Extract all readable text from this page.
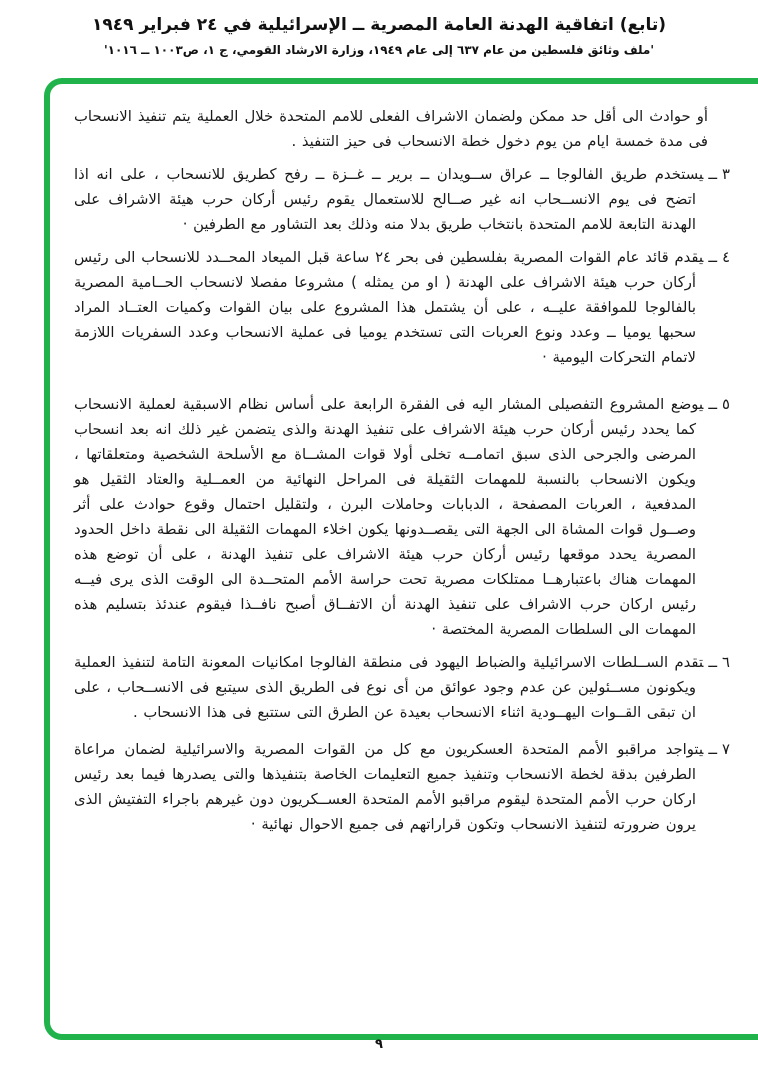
(تابع) اتفاقية الهدنة العامة المصرية ــ الإسرائيلية في ٢٤ فبراير ١٩٤٩
'ملف وثائق فلسطين من عام ٦٣٧ إلى عام ١٩٤٩، وزارة الارشاد القومي، ج ١، ص١٠٠٣ ــ ١٠١٦'
أو حوادث الى أقل حد ممكن ولضمان الاشراف الفعلى للامم المتحدة خلال العملية يتم تنفيذ الانسحاب فى مدة خمسة ايام من يوم دخول خطة الانسحاب فى حيز التنفيذ .
٣ــيستخدم طريق الفالوجا ــ عراق ســويدان ــ برير ــ غــزة ــ رفح كطريق للانسحاب ، على انه اذا اتضح فى يوم الانســحاب انه غير صــالح للاستعمال يقوم رئيس أركان حرب هيئة الاشراف على الهدنة التابعة للامم المتحدة بانتخاب طريق بدلا منه وذلك بعد التشاور مع الطرفين ·
٤ــيقدم قائد عام القوات المصرية بفلسطين فى بحر ٢٤ ساعة قبل الميعاد المحــدد للانسحاب الى رئيس أركان حرب هيئة الاشراف على الهدنة ( او من يمثله ) مشروعا مفصلا لانسحاب الحــامية المصرية بالفالوجا للموافقة عليــه ، على أن يشتمل هذا المشروع على بيان القوات وكميات العتــاد المراد سحبها يوميا ــ وعدد ونوع العربات التى تستخدم يوميا فى عملية الانسحاب وعدد السفريات اللازمة لاتمام التحركات اليومية ·
٥ــيوضع المشروع التفصيلى المشار اليه فى الفقرة الرابعة على أساس نظام الاسبقية لعملية الانسحاب كما يحدد رئيس أركان حرب هيئة الاشراف على تنفيذ الهدنة والذى يتضمن غير ذلك انه بعد انسحاب المرضى والجرحى الذى سبق اتمامــه تخلى أولا قوات المشــاة مع الأسلحة الشخصية ومتعلقاتها ، ويكون الانسحاب بالنسبة للمهمات الثقيلة فى المراحل النهائية من العمــلية والعتاد الثقيل هو المدفعية ، العربات المصفحة ، الدبابات وحاملات البرن ، ولتقليل احتمال وقوع حوادث على أثر وصــول قوات المشاة الى الجهة التى يقصــدونها يكون اخلاء المهمات الثقيلة الى نقطة داخل الحدود المصرية يحدد موقعها رئيس أركان حرب هيئة الاشراف على تنفيذ الهدنة ، على أن توضع هذه المهمات هناك باعتبارهــا ممتلكات مصرية تحت حراسة الأمم المتحــدة الى الوقت الذى يرى فيــه رئيس اركان حرب الاشراف على تنفيذ الهدنة أن الاتفــاق أصبح نافــذا فيقوم عندئذ بتسليم هذه المهمات الى السلطات المصرية المختصة ·
٦ــتقدم الســلطات الاسرائيلية والضباط اليهود فى منطقة الفالوجا امكانيات المعونة التامة لتنفيذ العملية ويكونون مســئولين عن عدم وجود عوائق من أى نوع فى الطريق الذى سيتبع فى الانســحاب ، على ان تبقى القــوات اليهــودية اثناء الانسحاب بعيدة عن الطرق التى ستتبع فى هذا الانسحاب .
٧ــيتواجد مراقبو الأمم المتحدة العسكريون مع كل من القوات المصرية والاسرائيلية لضمان مراعاة الطرفين بدقة لخطة الانسحاب وتنفيذ جميع التعليمات الخاصة بتنفيذها والتى يصدرها فيما بعد رئيس اركان حرب الأمم المتحدة ليقوم مراقبو الأمم المتحدة العســكريون دون غيرهم باجراء التفتيش الذى يرون ضرورته لتنفيذ الانسحاب وتكون قراراتهم فى جميع الاحوال نهائية ·
٩
